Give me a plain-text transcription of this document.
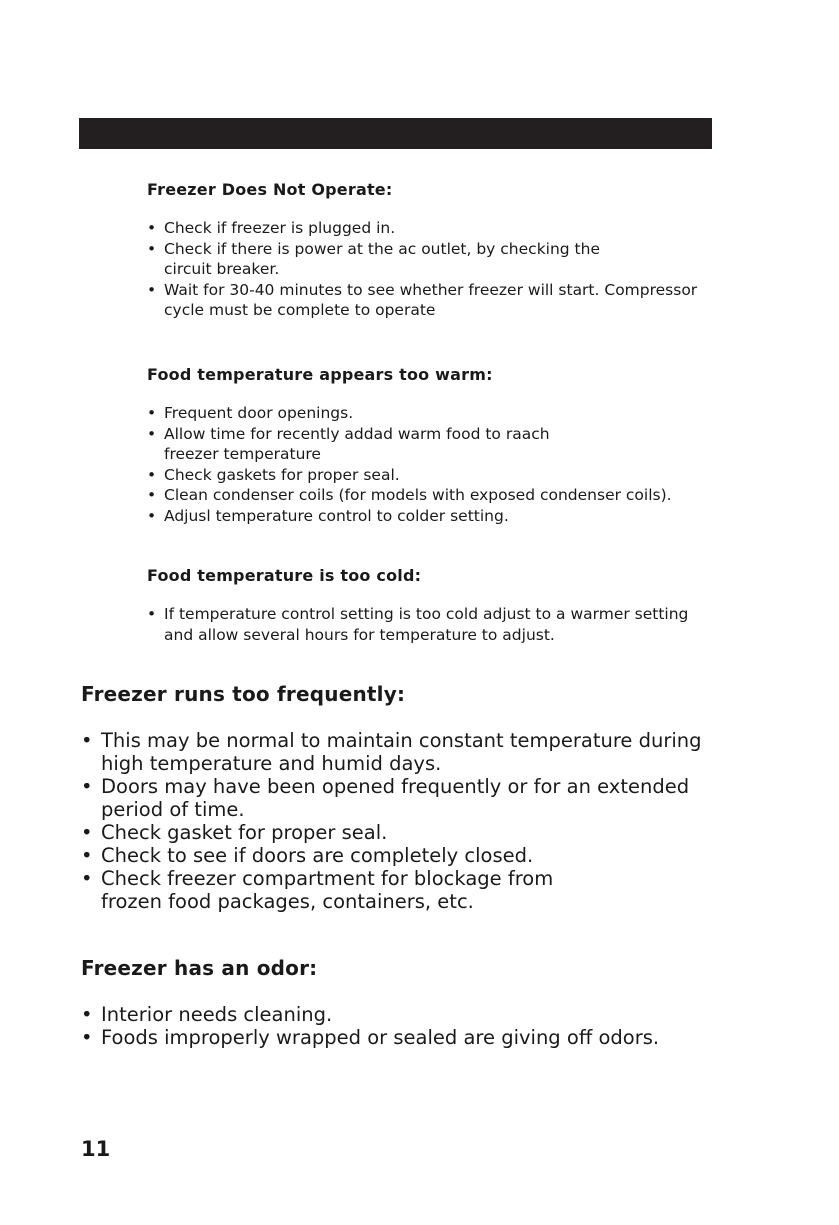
Freezer Does Not Operate:
• Check if freezer is plugged in.
• Check if there is power at the ac outlet, by checking the
circuit breaker.
• Wait for 30-40 minutes to see whether freezer will start. Compressor
cycle must be complete to operate
Food temperature appears too warm:
• Frequent door openings.
• Allow time for recently addad warm food to raach
freezer temperature
• Check gaskets for proper seal.
• Clean condenser coils (for models with exposed condenser coils).
• Adjusl temperature control to colder setting.
Food temperature is too cold:
• If temperature control setting is too cold adjust to a warmer setting
and allow several hours for temperature to adjust.
Freezer runs too frequently:
• This may be normal to maintain constant temperature during
high temperature and humid days.
• Doors may have been opened frequently or for an extended
period of time.
• Check gasket for proper seal.
• Check to see if doors are completely closed.
• Check freezer compartment for blockage from
frozen food packages, containers, etc.
Freezer has an odor:
• Interior needs cleaning.
• Foods improperly wrapped or sealed are giving off odors.
11
